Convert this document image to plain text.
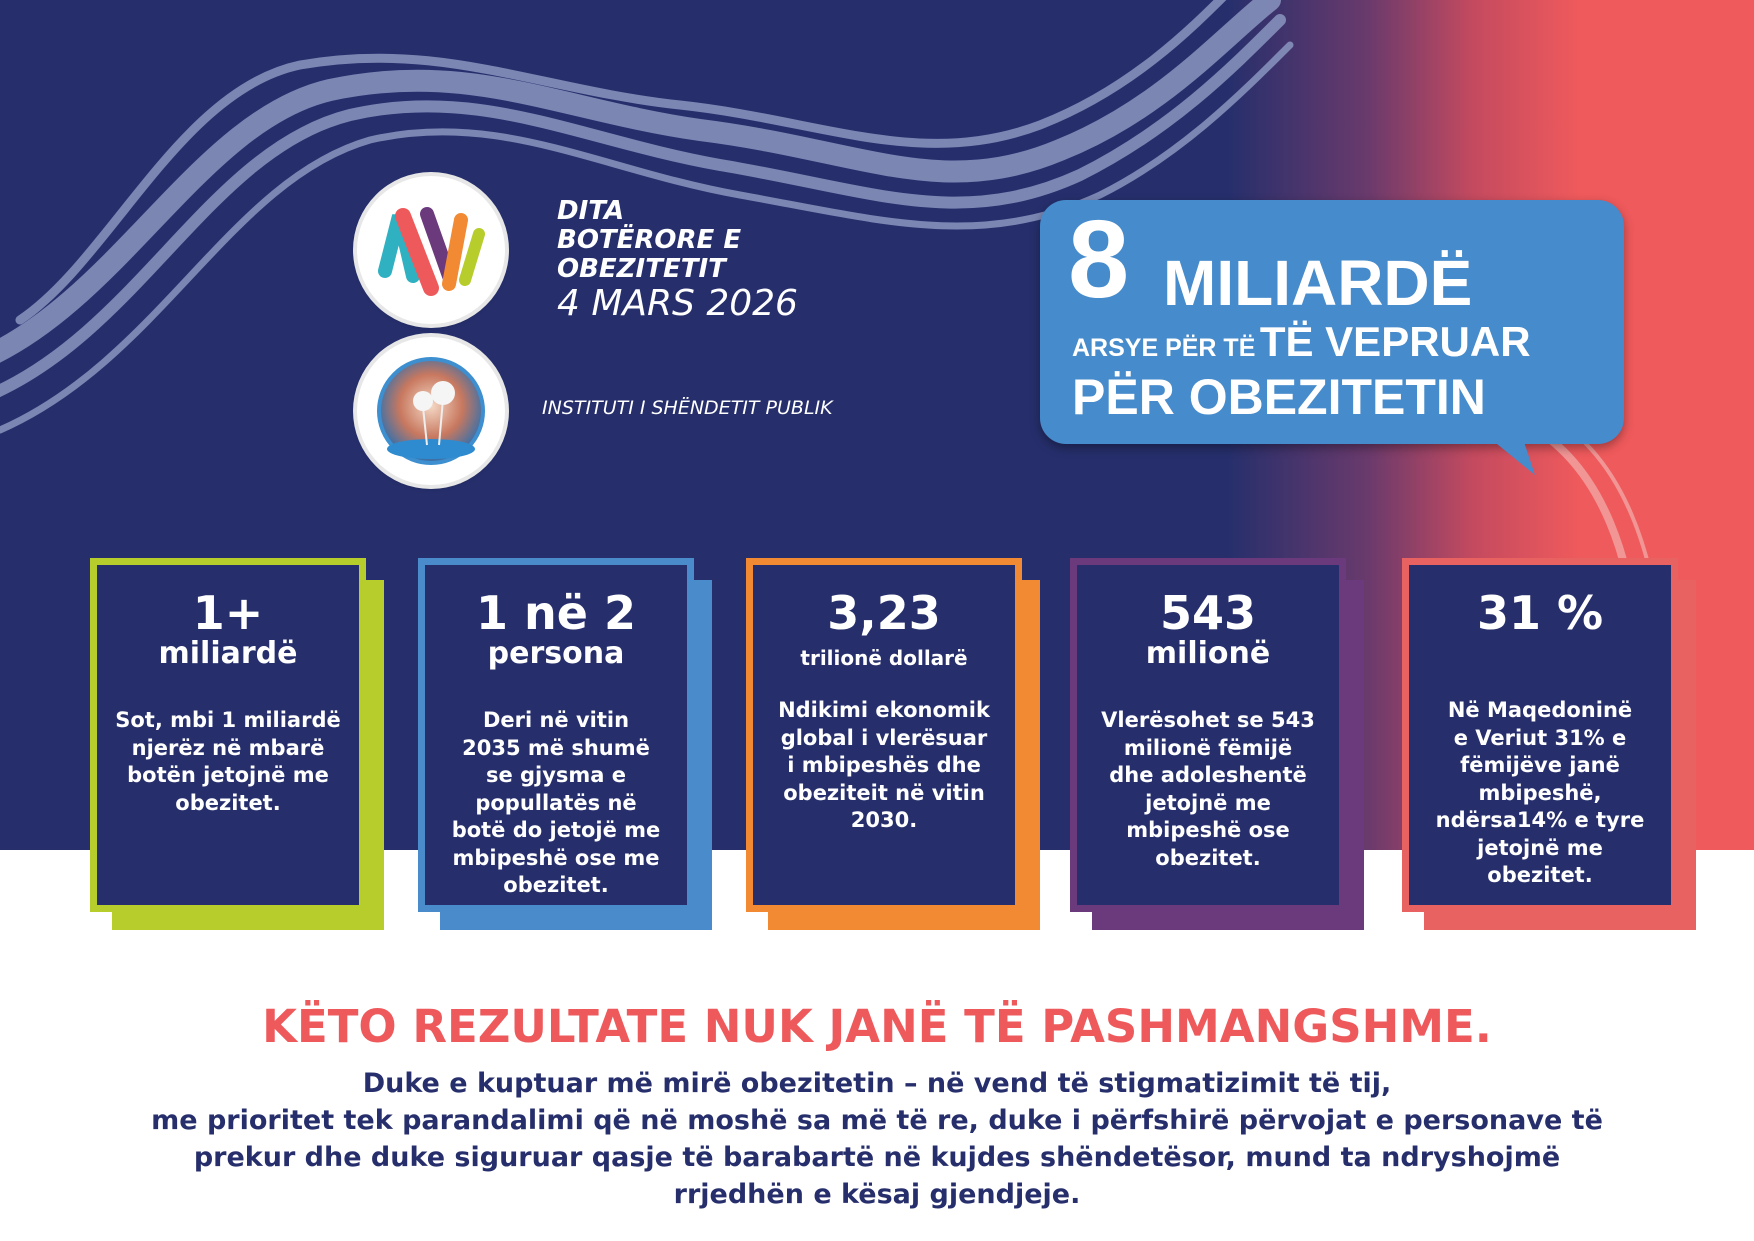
DITA
BOTËRORE E
OBEZITETIT
4 MARS 2026
INSTITUTI I SHËNDETIT PUBLIK
8 MILIARDË
ARSYE PËR TË TË VEPRUAR
PËR OBEZITETIN
1+
miliardë
Sot, mbi 1 miliardë
njerëz në mbarë
botën jetojnë me
obezitet.
1 në 2
persona
Deri në vitin
2035 më shumë
se gjysma e
popullatës në
botë do jetojë me
mbipeshë ose me
obezitet.
3,23
trilionë dollarë
Ndikimi ekonomik
global i vlerësuar
i mbipeshës dhe
obeziteit në vitin
2030.
543
milionë
Vlerësohet se 543
milionë fëmijë
dhe adoleshentë
jetojnë me
mbipeshë ose
obezitet.
31 %
Në Maqedoninë
e Veriut 31% e
fëmijëve janë
mbipeshë,
ndërsa14% e tyre
jetojnë me
obezitet.
KËTO REZULTATE NUK JANË TË PASHMANGSHME.
Duke e kuptuar më mirë obezitetin – në vend të stigmatizimit të tij,
me prioritet tek parandalimi që në moshë sa më të re, duke i përfshirë përvojat e personave të
prekur dhe duke siguruar qasje të barabartë në kujdes shëndetësor, mund ta ndryshojmë
rrjedhën e kësaj gjendjeje.
